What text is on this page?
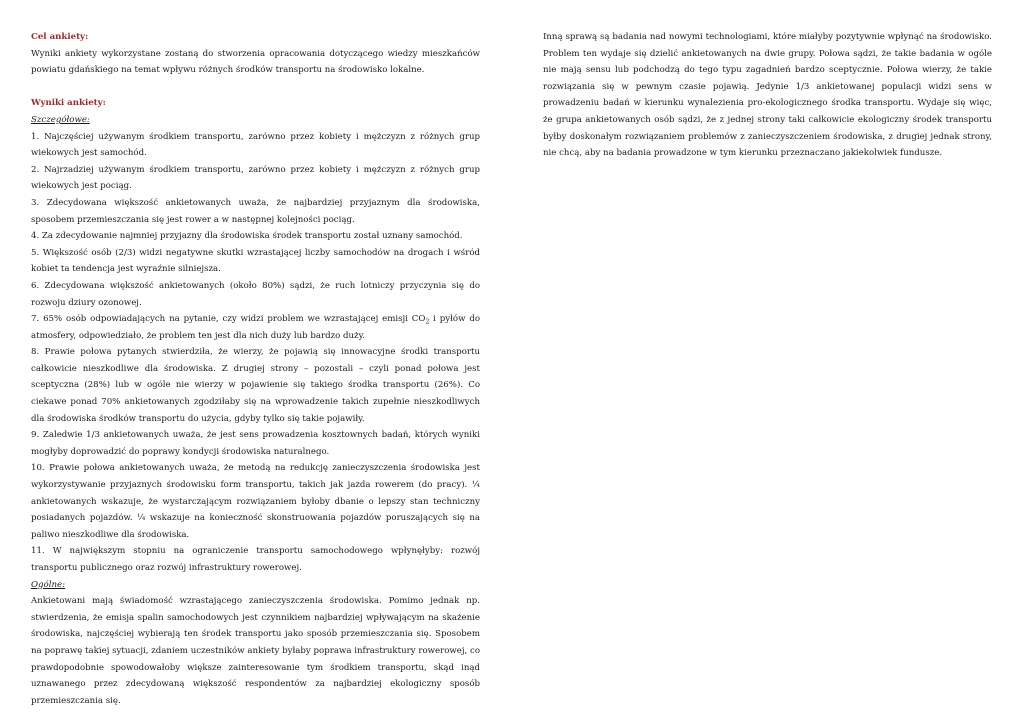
Cel ankiety:

Wyniki ankiety wykorzystane zostaną do stworzenia opracowania dotyczącego wiedzy mieszkańców powiatu gdańskiego na temat wpływu różnych środków transportu na środowisko lokalne.

Wyniki ankiety:

Szczegółowe:

1. Najczęściej używanym środkiem transportu, zarówno przez kobiety i mężczyzn z różnych grup wiekowych jest samochód.

2. Najrzadziej używanym środkiem transportu, zarówno przez kobiety i mężczyzn z różnych grup wiekowych jest pociąg.

3. Zdecydowana większość ankietowanych uważa, że najbardziej przyjaznym dla środowiska, sposobem przemieszczania się jest rower a w następnej kolejności pociąg.

4. Za zdecydowanie najmniej przyjazny dla środowiska środek transportu został uznany samochód.

5. Większość osób (2/3) widzi negatywne skutki wzrastającej liczby samochodów na drogach i wśród kobiet ta tendencja jest wyraźnie silniejsza.

6. Zdecydowana większość ankietowanych (około 80%) sądzi, że ruch lotniczy przyczynia się do rozwoju dziury ozonowej.

7. 65% osób odpowiadających na pytanie, czy widzi problem we wzrastającej emisji $CO_2$ i pyłów do atmosfery, odpowiedziało, że problem ten jest dla nich duży lub bardzo duży.

8. Prawie połowa pytanych stwierdziła, że wierzy, że pojawią się innowacyjne środki transportu całkowicie nieszkodliwe dla środowiska. Z drugiej strony – pozostali – czyli ponad połowa jest sceptyczna (28%) lub w ogóle nie wierzy w pojawienie się takiego środka transportu (26%). Co ciekawe ponad 70% ankietowanych zgodziłaby się na wprowadzenie takich zupełnie nieszkodliwych dla środowiska środków transportu do użycia, gdyby tylko się takie pojawiły.

9. Zaledwie 1/3 ankietowanych uważa, że jest sens prowadzenia kosztownych badań, których wyniki mogłyby doprowadzić do poprawy kondycji środowiska naturalnego.

10. Prawie połowa ankietowanych uważa, że metodą na redukcję zanieczyszczenia środowiska jest wykorzystywanie przyjaznych środowisku form transportu, takich jak jazda rowerem (do pracy). ¼ ankietowanych wskazuje, że wystarczającym rozwiązaniem byłoby dbanie o lepszy stan techniczny posiadanych pojazdów. ¼ wskazuje na konieczność skonstruowania pojazdów poruszających się na paliwo nieszkodliwe dla środowiska.

11. W największym stopniu na ograniczenie transportu samochodowego wpłynęłyby: rozwój transportu publicznego oraz rozwój infrastruktury rowerowej.

Ogólne:

Ankietowani mają świadomość wzrastającego zanieczyszczenia środowiska. Pomimo jednak np. stwierdzenia, że emisja spalin samochodowych jest czynnikiem najbardziej wpływającym na skażenie środowiska, najczęściej wybierają ten środek transportu jako sposób przemieszczania się. Sposobem na poprawę takiej sytuacji, zdaniem uczestników ankiety byłaby poprawa infrastruktury rowerowej, co prawdopodobnie spowodowałoby większe zainteresowanie tym środkiem transportu, skąd inąd uznawanego przez zdecydowaną większość respondentów za najbardziej ekologiczny sposób przemieszczania się.

Inną sprawą są badania nad nowymi technologiami, które miałyby pozytywnie wpłynąć na środowisko. Problem ten wydaje się dzielić ankietowanych na dwie grupy. Połowa sądzi, że takie badania w ogóle nie mają sensu lub podchodzą do tego typu zagadnień bardzo sceptycznie. Połowa wierzy, że takie rozwiązania się w pewnym czasie pojawią. Jedynie 1/3 ankietowanej populacji widzi sens w prowadzeniu badań w kierunku wynalezienia pro-ekologicznego środka transportu. Wydaje się więc, że grupa ankietowanych osób sądzi, że z jednej strony taki całkowicie ekologiczny środek transportu byłby doskonałym rozwiązaniem problemów z zanieczyszczeniem środowiska, z drugiej jednak strony, nie chcą, aby na badania prowadzone w tym kierunku przeznaczano jakiekolwiek fundusze.
